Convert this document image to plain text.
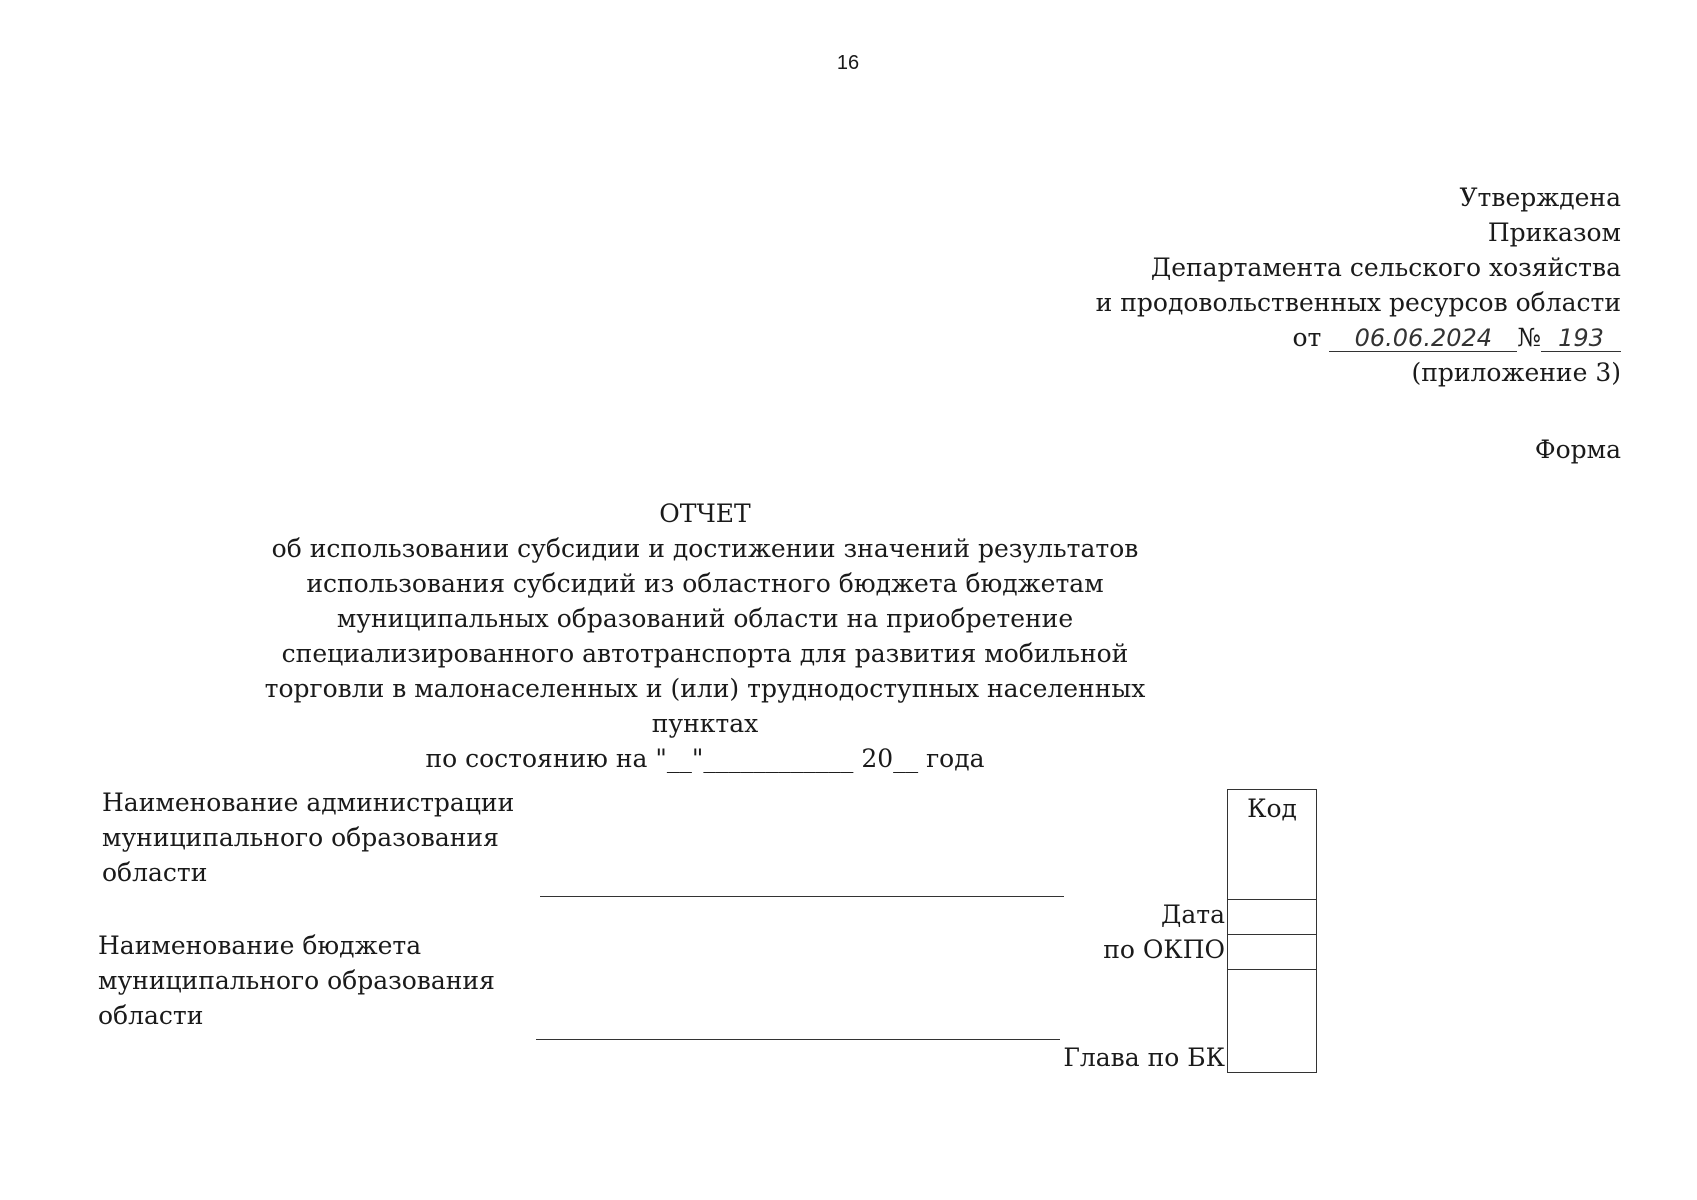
16
Утверждена
Приказом
Департамента сельского хозяйства
и продовольственных ресурсов области
от 06.06.2024 № 193
(приложение 3)
Форма
ОТЧЕТ
об использовании субсидии и достижении значений результатов
использования субсидий из областного бюджета бюджетам
муниципальных образований области на приобретение
специализированного автотранспорта для развития мобильной
торговли в малонаселенных и (или) труднодоступных населенных пунктах
по состоянию на "__"____________ 20__ года
Наименование администрации
муниципального образования
области
Наименование бюджета
муниципального образования
области
Код
Дата
по ОКПО
Глава по БК
